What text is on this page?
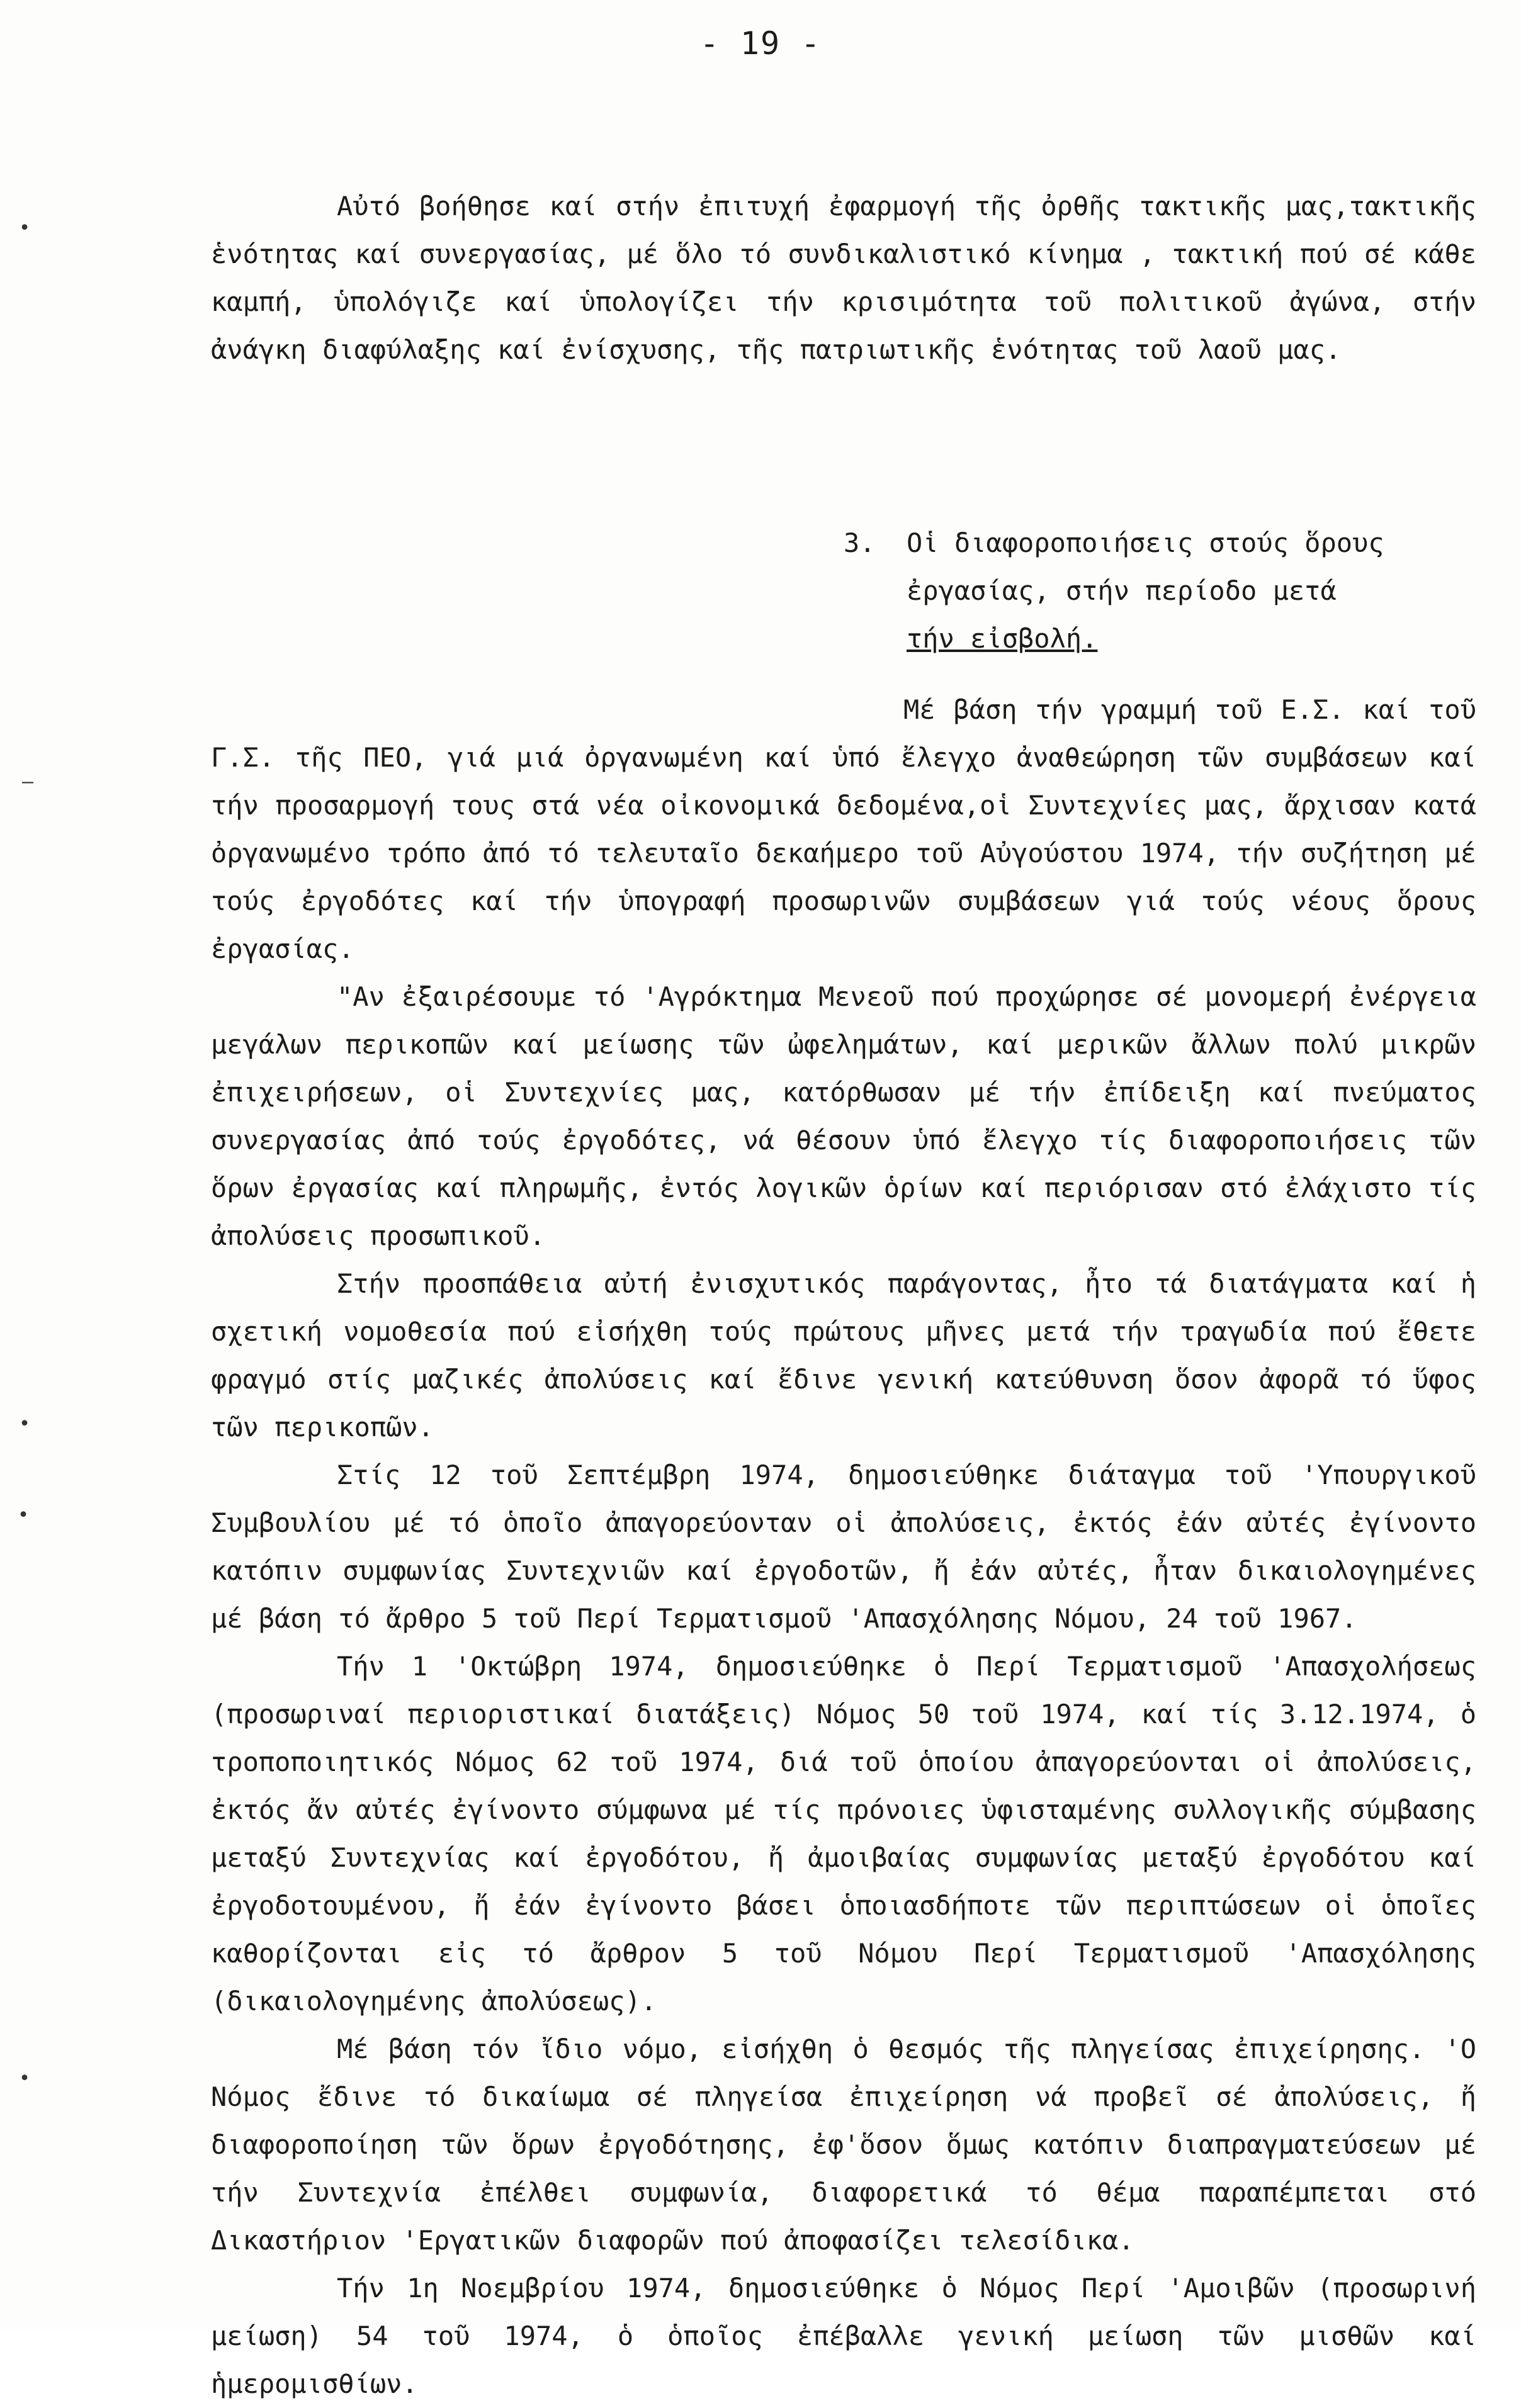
- 19 -

Αὐτό βοήθησε καί στήν ἐπιτυχή ἐφαρμογή τῆς ὀρθῆς τακτικῆς μας,τακτικῆς ἑνότητας καί συνεργασίας, μέ ὅλο τό συνδικαλιστικό κίνημα , τακτική πού σέ κάθε καμπή, ὑπολόγιζε καί ὑπολογίζει τήν κρισιμότητα τοῦ πολιτικοῦ ἀγώνα, στήν ἀνάγκη διαφύλαξης καί ἐνίσχυσης, τῆς πατριωτικῆς ἑνότητας τοῦ λαοῦ μας.

3.	Οἱ διαφοροποιήσεις στούς ὅρους
ἐργασίας, στήν περίοδο μετά
τήν εἰσβολή.

Μέ βάση τήν γραμμή τοῦ Ε.Σ. καί τοῦ Γ.Σ. τῆς ΠΕΟ, γιά μιά ὀργανωμένη καί ὑπό ἔλεγχο ἀναθεώρηση τῶν συμβάσεων καί τήν προσαρμογή τους στά νέα οἰκονομικά δεδομένα,οἱ Συντεχνίες μας, ἄρχισαν κατά ὀργανωμένο τρόπο ἀπό τό τελευταῖο δεκαήμερο τοῦ Αὐγούστου 1974, τήν συζήτηση μέ τούς ἐργοδότες καί τήν ὑπογραφή προσωρινῶν συμβάσεων γιά τούς νέους ὅρους ἐργασίας.

"Αν ἐξαιρέσουμε τό 'Αγρόκτημα Μενεοῦ πού προχώρησε σέ μονομερή ἐνέργεια μεγάλων περικοπῶν καί μείωσης τῶν ὠφελημάτων, καί μερικῶν ἄλλων πολύ μικρῶν ἐπιχειρήσεων, οἱ Συντεχνίες μας, κατόρθωσαν μέ τήν ἐπίδειξη καί πνεύματος συνεργασίας ἀπό τούς ἐργοδότες, νά θέσουν ὑπό ἔλεγχο τίς διαφοροποιήσεις τῶν ὅρων ἐργασίας καί πληρωμῆς, ἐντός λογικῶν ὁρίων καί περιόρισαν στό ἐλάχιστο τίς ἀπολύσεις προσωπικοῦ.

Στήν προσπάθεια αὐτή ἐνισχυτικός παράγοντας, ἦτο τά διατάγματα καί ἡ σχετική νομοθεσία πού εἰσήχθη τούς πρώτους μῆνες μετά τήν τραγωδία πού ἔθετε φραγμό στίς μαζικές ἀπολύσεις καί ἔδινε γενική κατεύθυνση ὅσον ἀφορᾶ τό ὕφος τῶν περικοπῶν.

Στίς 12 τοῦ Σεπτέμβρη 1974, δημοσιεύθηκε διάταγμα τοῦ 'Υπουργικοῦ Συμβουλίου μέ τό ὁποῖο ἀπαγορεύονταν οἱ ἀπολύσεις, ἐκτός ἐάν αὐτές ἐγίνοντο κατόπιν συμφωνίας Συντεχνιῶν καί ἐργοδοτῶν, ἤ ἐάν αὐτές, ἦταν δικαιολογημένες μέ βάση τό ἄρθρο 5 τοῦ Περί Τερματισμοῦ 'Απασχόλησης Νόμου, 24 τοῦ 1967.

Τήν 1 'Οκτώβρη 1974, δημοσιεύθηκε ὁ Περί Τερματισμοῦ 'Απασχολήσεως (προσωριναί περιοριστικαί διατάξεις) Νόμος 50 τοῦ 1974, καί τίς 3.12.1974, ὁ τροποποιητικός Νόμος 62 τοῦ 1974, διά τοῦ ὁποίου ἀπαγορεύονται οἱ ἀπολύσεις, ἐκτός ἄν αὐτές ἐγίνοντο σύμφωνα μέ τίς πρόνοιες ὑφισταμένης συλλογικῆς σύμβασης μεταξύ Συντεχνίας καί ἐργοδότου, ἤ ἀμοιβαίας συμφωνίας μεταξύ ἐργοδότου καί ἐργοδοτουμένου, ἤ ἐάν ἐγίνοντο βάσει ὁποιασδήποτε τῶν περιπτώσεων οἱ ὁποῖες καθορίζονται εἰς τό ἄρθρον 5 τοῦ Νόμου Περί Τερματισμοῦ 'Απασχόλησης (δικαιολογημένης ἀπολύσεως).

Μέ βάση τόν ἴδιο νόμο, εἰσήχθη ὁ θεσμός τῆς πληγείσας ἐπιχείρησης. 'Ο Νόμος ἔδινε τό δικαίωμα σέ πληγείσα ἐπιχείρηση νά προβεῖ σέ ἀπολύσεις, ἤ διαφοροποίηση τῶν ὅρων ἐργοδότησης, ἐφ'ὅσον ὅμως κατόπιν διαπραγματεύσεων μέ τήν Συντεχνία ἐπέλθει συμφωνία, διαφορετικά τό θέμα παραπέμπεται στό Δικαστήριον 'Εργατικῶν διαφορῶν πού ἀποφασίζει τελεσίδικα.

Τήν 1η Νοεμβρίου 1974, δημοσιεύθηκε ὁ Νόμος Περί 'Αμοιβῶν (προσωρινή μείωση) 54 τοῦ 1974, ὁ ὁποῖος ἐπέβαλλε γενική μείωση τῶν μισθῶν καί ἡμερομισθίων.

•
–
•
•
•
